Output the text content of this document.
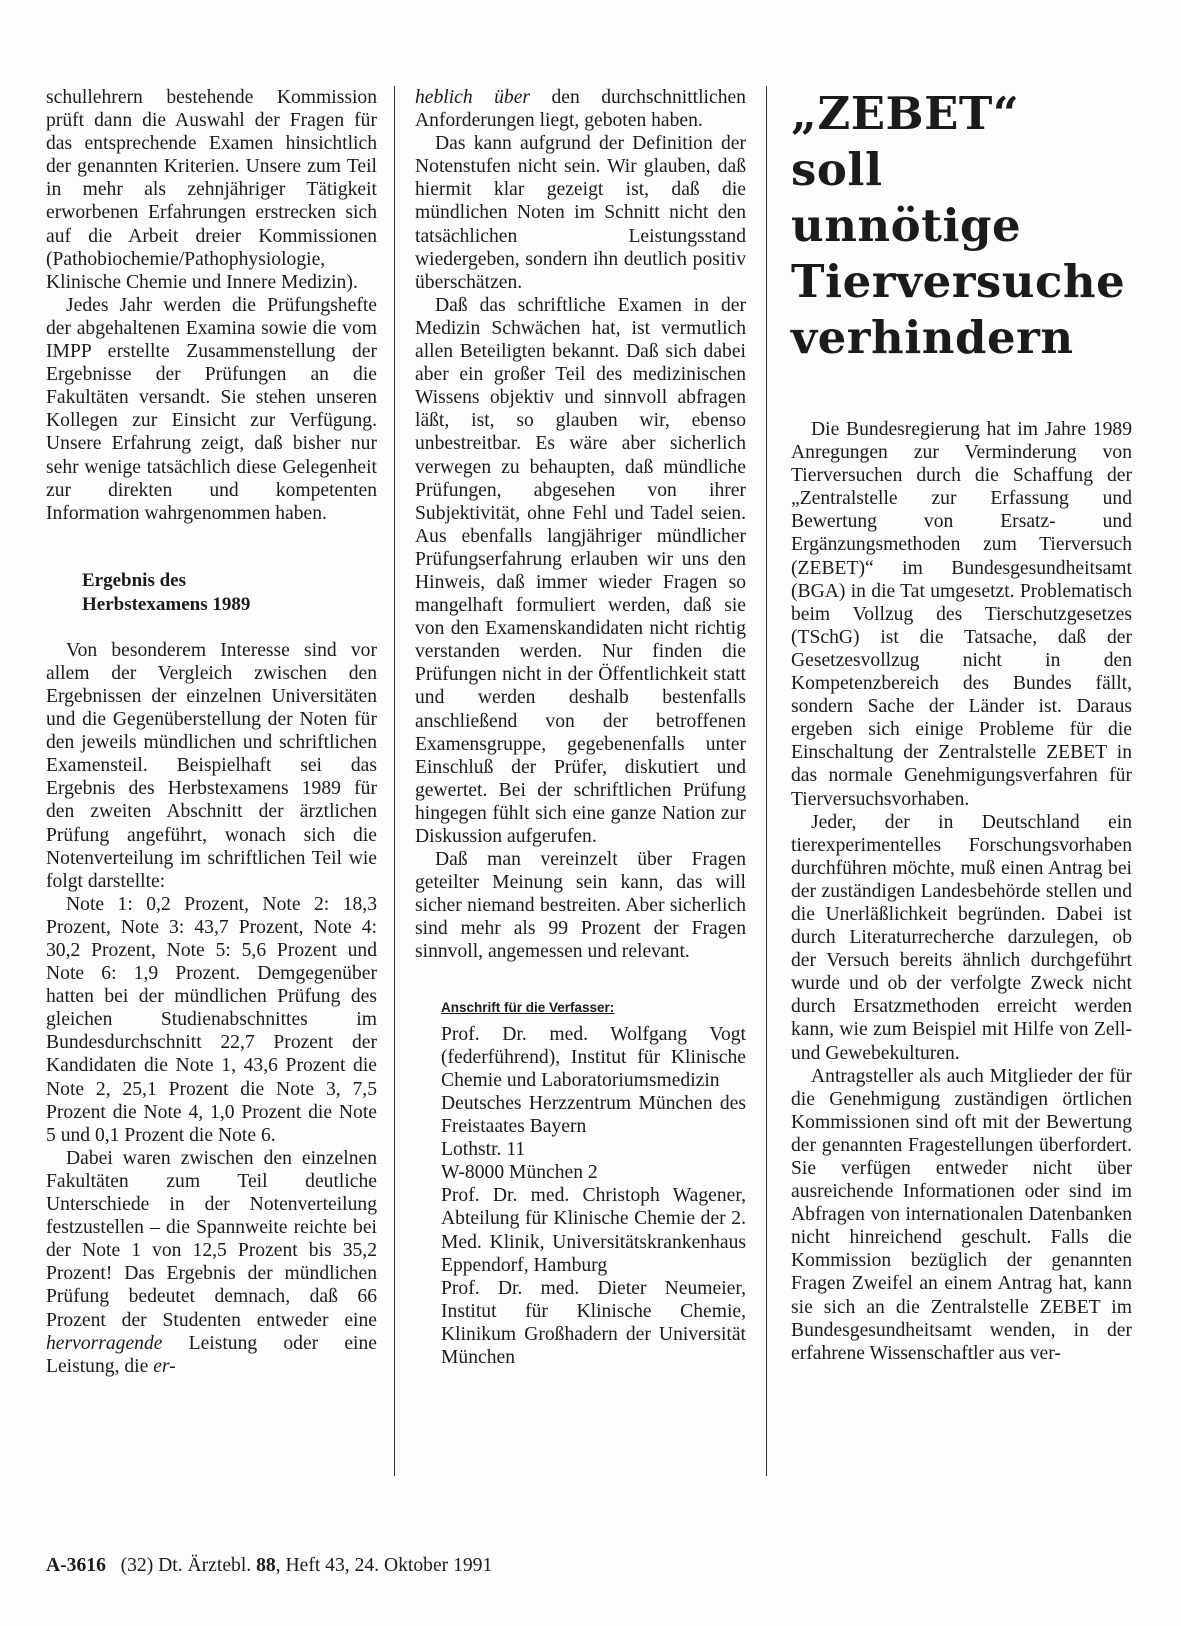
schullehrern bestehende Kommission prüft dann die Auswahl der Fragen für das entsprechende Examen hinsichtlich der genannten Kriterien. Unsere zum Teil in mehr als zehnjähriger Tätigkeit erworbenen Erfahrungen erstrecken sich auf die Arbeit dreier Kommissionen (Pathobiochemie/Pathophysiologie, Klinische Chemie und Innere Medizin).

Jedes Jahr werden die Prüfungshefte der abgehaltenen Examina sowie die vom IMPP erstellte Zusammenstellung der Ergebnisse der Prüfungen an die Fakultäten versandt. Sie stehen unseren Kollegen zur Einsicht zur Verfügung. Unsere Erfahrung zeigt, daß bisher nur sehr wenige tatsächlich diese Gelegenheit zur direkten und kompetenten Information wahrgenommen haben.

Ergebnis des

Herbstexamens 1989

Von besonderem Interesse sind vor allem der Vergleich zwischen den Ergebnissen der einzelnen Universitäten und die Gegenüberstellung der Noten für den jeweils mündlichen und schriftlichen Examensteil. Beispielhaft sei das Ergebnis des Herbstexamens 1989 für den zweiten Abschnitt der ärztlichen Prüfung angeführt, wonach sich die Notenverteilung im schriftlichen Teil wie folgt darstellte:

Note 1: 0,2 Prozent, Note 2: 18,3 Prozent, Note 3: 43,7 Prozent, Note 4: 30,2 Prozent, Note 5: 5,6 Prozent und Note 6: 1,9 Prozent. Demgegenüber hatten bei der mündlichen Prüfung des gleichen Studienabschnittes im Bundesdurchschnitt 22,7 Prozent der Kandidaten die Note 1, 43,6 Prozent die Note 2, 25,1 Prozent die Note 3, 7,5 Prozent die Note 4, 1,0 Prozent die Note 5 und 0,1 Prozent die Note 6.

Dabei waren zwischen den einzelnen Fakultäten zum Teil deutliche Unterschiede in der Notenverteilung festzustellen – die Spannweite reichte bei der Note 1 von 12,5 Prozent bis 35,2 Prozent! Das Ergebnis der mündlichen Prüfung bedeutet demnach, daß 66 Prozent der Studenten entweder eine hervorragende Leistung oder eine Leistung, die er-

heblich über den durchschnittlichen Anforderungen liegt, geboten haben.

Das kann aufgrund der Definition der Notenstufen nicht sein. Wir glauben, daß hiermit klar gezeigt ist, daß die mündlichen Noten im Schnitt nicht den tatsächlichen Leistungsstand wiedergeben, sondern ihn deutlich positiv überschätzen.

Daß das schriftliche Examen in der Medizin Schwächen hat, ist vermutlich allen Beteiligten bekannt. Daß sich dabei aber ein großer Teil des medizinischen Wissens objektiv und sinnvoll abfragen läßt, ist, so glauben wir, ebenso unbestreitbar. Es wäre aber sicherlich verwegen zu behaupten, daß mündliche Prüfungen, abgesehen von ihrer Subjektivität, ohne Fehl und Tadel seien. Aus ebenfalls langjähriger mündlicher Prüfungserfahrung erlauben wir uns den Hinweis, daß immer wieder Fragen so mangelhaft formuliert werden, daß sie von den Examenskandidaten nicht richtig verstanden werden. Nur finden die Prüfungen nicht in der Öffentlichkeit statt und werden deshalb bestenfalls anschließend von der betroffenen Examensgruppe, gegebenenfalls unter Einschluß der Prüfer, diskutiert und gewertet. Bei der schriftlichen Prüfung hingegen fühlt sich eine ganze Nation zur Diskussion aufgerufen.

Daß man vereinzelt über Fragen geteilter Meinung sein kann, das will sicher niemand bestreiten. Aber sicherlich sind mehr als 99 Prozent der Fragen sinnvoll, angemessen und relevant.

Anschrift für die Verfasser:

Prof. Dr. med. Wolfgang Vogt (federführend), Institut für Klinische Chemie und Laboratoriumsmedizin

Deutsches Herzzentrum München des Freistaates Bayern

Lothstr. 11

W-8000 München 2

Prof. Dr. med. Christoph Wagener, Abteilung für Klinische Chemie der 2. Med. Klinik, Universitätskrankenhaus Eppendorf, Hamburg

Prof. Dr. med. Dieter Neumeier, Institut für Klinische Chemie, Klinikum Großhadern der Universität München

„ZEBET“
soll
unnötige
Tierversuche
verhindern

Die Bundesregierung hat im Jahre 1989 Anregungen zur Verminderung von Tierversuchen durch die Schaffung der „Zentralstelle zur Erfassung und Bewertung von Ersatz- und Ergänzungsmethoden zum Tierversuch (ZEBET)“ im Bundesgesundheitsamt (BGA) in die Tat umgesetzt. Problematisch beim Vollzug des Tierschutzgesetzes (TSchG) ist die Tatsache, daß der Gesetzesvollzug nicht in den Kompetenzbereich des Bundes fällt, sondern Sache der Länder ist. Daraus ergeben sich einige Probleme für die Einschaltung der Zentralstelle ZEBET in das normale Genehmigungsverfahren für Tierversuchsvorhaben.

Jeder, der in Deutschland ein tierexperimentelles Forschungsvorhaben durchführen möchte, muß einen Antrag bei der zuständigen Landesbehörde stellen und die Unerläßlichkeit begründen. Dabei ist durch Literaturrecherche darzulegen, ob der Versuch bereits ähnlich durchgeführt wurde und ob der verfolgte Zweck nicht durch Ersatzmethoden erreicht werden kann, wie zum Beispiel mit Hilfe von Zell- und Gewebekulturen.

Antragsteller als auch Mitglieder der für die Genehmigung zuständigen örtlichen Kommissionen sind oft mit der Bewertung der genannten Fragestellungen überfordert. Sie verfügen entweder nicht über ausreichende Informationen oder sind im Abfragen von internationalen Datenbanken nicht hinreichend geschult. Falls die Kommission bezüglich der genannten Fragen Zweifel an einem Antrag hat, kann sie sich an die Zentralstelle ZEBET im Bundesgesundheitsamt wenden, in der erfahrene Wissenschaftler aus ver-

A-3616 (32) Dt. Ärztebl. 88, Heft 43, 24. Oktober 1991
